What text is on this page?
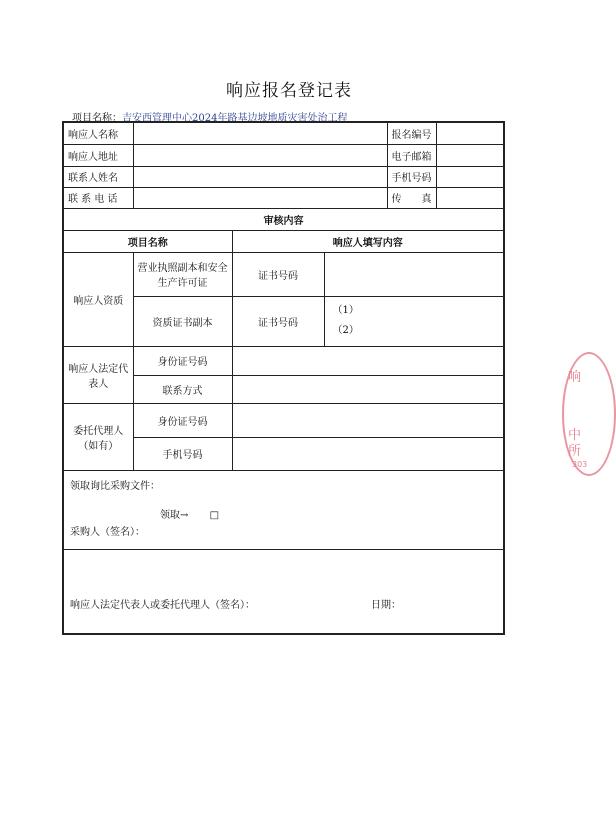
响应报名登记表
项目名称：吉安西管理中心2024年路基边坡地质灾害处治工程
响应人名称				报名编号	
响应人地址				电子邮箱	
联系人姓名				手机号码	
联 系 电 话				传　　真	
审核内容					
项目名称		响应人填写内容			
响应人资质	营业执照副本和安全生产许可证	证书号码			
	资质证书副本	证书号码	（1）
（2）		

响应人法定代表人	身份证号码				
	联系方式				
委托代理人（如有）	身份证号码				
	手机号码				

领取询比采购文件：
领取→ □
采购人（签名）：					

响应人法定代表人或委托代理人（签名）： 日期：					
响
中
所
303
